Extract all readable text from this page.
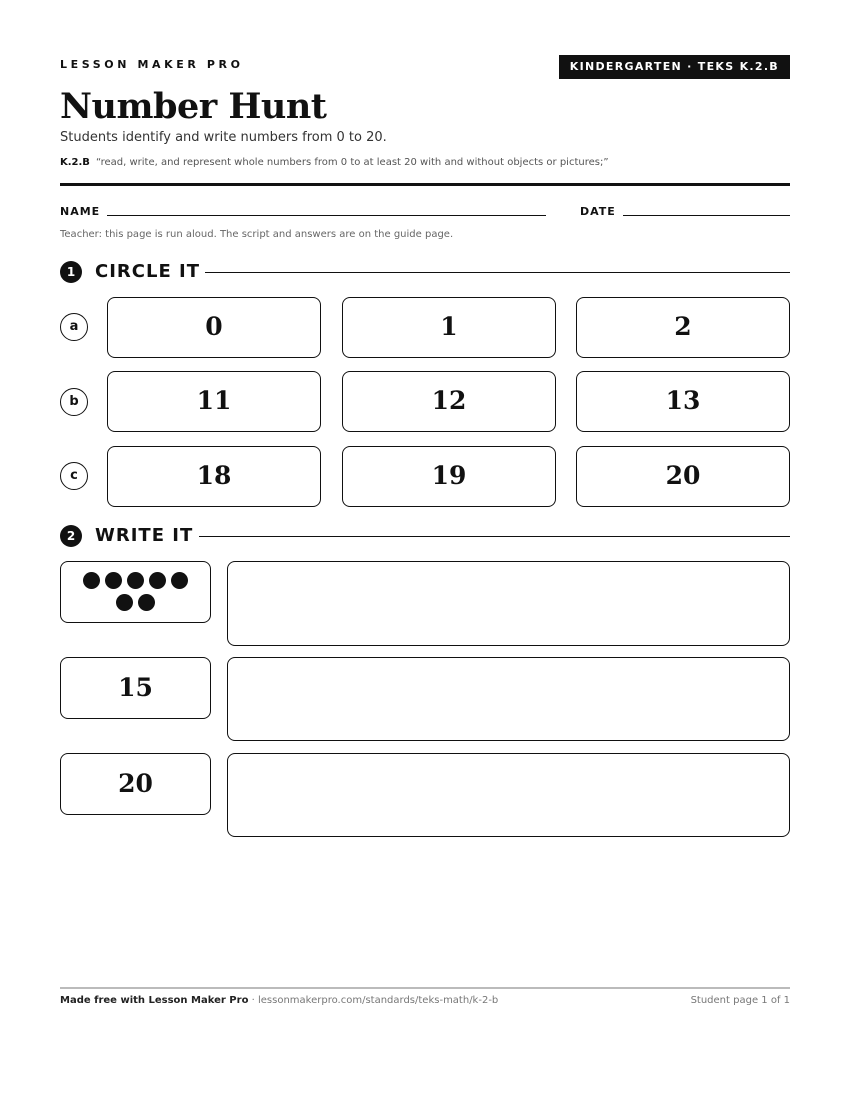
LESSON MAKER PRO	KINDERGARTEN · TEKS K.2.B
Number Hunt
Students identify and write numbers from 0 to 20.
K.2.B “read, write, and represent whole numbers from 0 to at least 20 with and without objects or pictures;”
NAME	DATE
Teacher: this page is run aloud. The script and answers are on the guide page.
1	CIRCLE IT
a	0	1	2
b	11	12	13
c	18	19	20
2	WRITE IT
15
20
Made free with Lesson Maker Pro · lessonmakerpro.com/standards/teks-math/k-2-b	Student page 1 of 1
